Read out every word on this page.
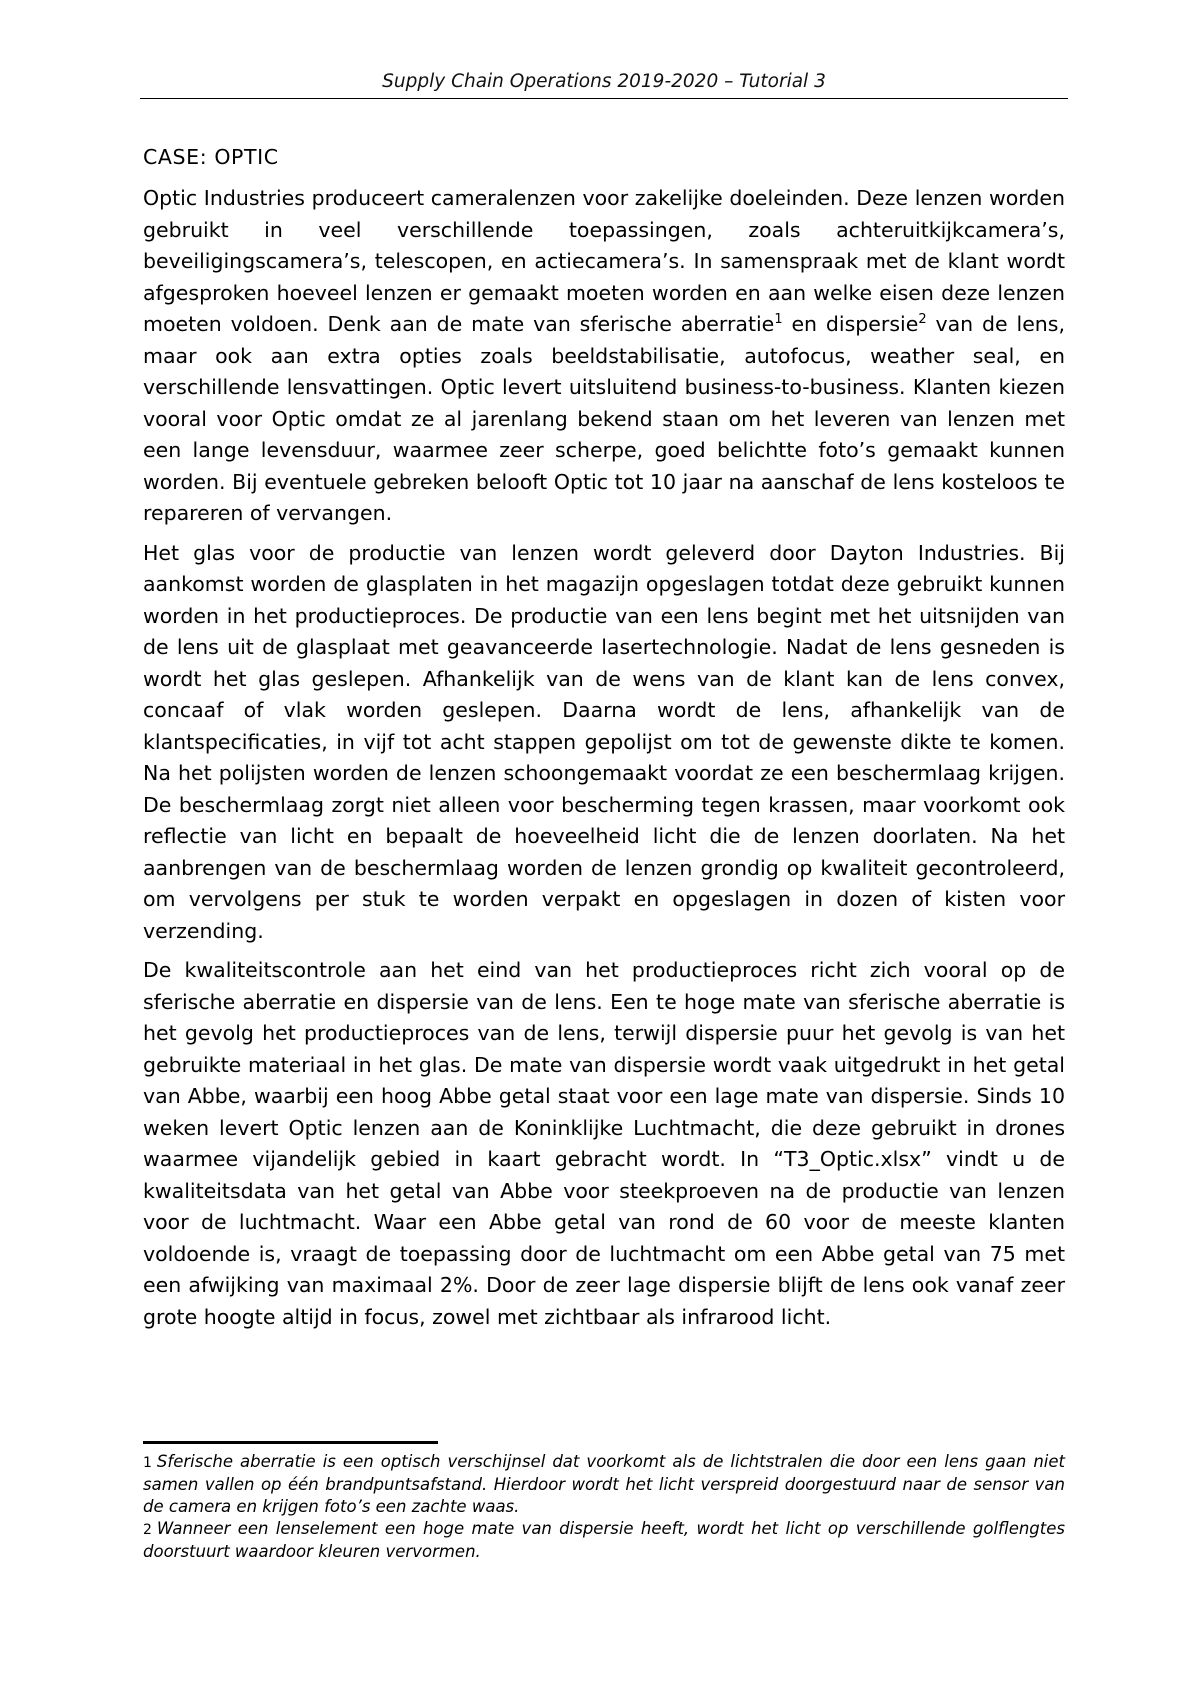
Supply Chain Operations 2019-2020 – Tutorial 3
CASE: OPTIC

Optic Industries produceert cameralenzen voor zakelijke doeleinden. Deze lenzen worden gebruikt in veel verschillende toepassingen, zoals achteruitkijkcamera’s, beveiligingscamera’s, telescopen, en actiecamera’s. In samenspraak met de klant wordt afgesproken hoeveel lenzen er gemaakt moeten worden en aan welke eisen deze lenzen moeten voldoen. Denk aan de mate van sferische aberratie$^1$ en dispersie$^2$ van de lens, maar ook aan extra opties zoals beeldstabilisatie, autofocus, weather seal, en verschillende lensvattingen. Optic levert uitsluitend business-to-business. Klanten kiezen vooral voor Optic omdat ze al jarenlang bekend staan om het leveren van lenzen met een lange levensduur, waarmee zeer scherpe, goed belichtte foto’s gemaakt kunnen worden. Bij eventuele gebreken belooft Optic tot 10 jaar na aanschaf de lens kosteloos te repareren of vervangen.

Het glas voor de productie van lenzen wordt geleverd door Dayton Industries. Bij aankomst worden de glasplaten in het magazijn opgeslagen totdat deze gebruikt kunnen worden in het productieproces. De productie van een lens begint met het uitsnijden van de lens uit de glasplaat met geavanceerde lasertechnologie. Nadat de lens gesneden is wordt het glas geslepen. Afhankelijk van de wens van de klant kan de lens convex, concaaf of vlak worden geslepen. Daarna wordt de lens, afhankelijk van de klantspecificaties, in vijf tot acht stappen gepolijst om tot de gewenste dikte te komen. Na het polijsten worden de lenzen schoongemaakt voordat ze een beschermlaag krijgen. De beschermlaag zorgt niet alleen voor bescherming tegen krassen, maar voorkomt ook reflectie van licht en bepaalt de hoeveelheid licht die de lenzen doorlaten. Na het aanbrengen van de beschermlaag worden de lenzen grondig op kwaliteit gecontroleerd, om vervolgens per stuk te worden verpakt en opgeslagen in dozen of kisten voor verzending.

De kwaliteitscontrole aan het eind van het productieproces richt zich vooral op de sferische aberratie en dispersie van de lens. Een te hoge mate van sferische aberratie is het gevolg het productieproces van de lens, terwijl dispersie puur het gevolg is van het gebruikte materiaal in het glas. De mate van dispersie wordt vaak uitgedrukt in het getal van Abbe, waarbij een hoog Abbe getal staat voor een lage mate van dispersie. Sinds 10 weken levert Optic lenzen aan de Koninklijke Luchtmacht, die deze gebruikt in drones waarmee vijandelijk gebied in kaart gebracht wordt. In “T3_Optic.xlsx” vindt u de kwaliteitsdata van het getal van Abbe voor steekproeven na de productie van lenzen voor de luchtmacht. Waar een Abbe getal van rond de 60 voor de meeste klanten voldoende is, vraagt de toepassing door de luchtmacht om een Abbe getal van 75 met een afwijking van maximaal 2%. Door de zeer lage dispersie blijft de lens ook vanaf zeer grote hoogte altijd in focus, zowel met zichtbaar als infrarood licht.

1 Sferische aberratie is een optisch verschijnsel dat voorkomt als de lichtstralen die door een lens gaan niet samen vallen op één brandpuntsafstand. Hierdoor wordt het licht verspreid doorgestuurd naar de sensor van de camera en krijgen foto’s een zachte waas.

2 Wanneer een lenselement een hoge mate van dispersie heeft, wordt het licht op verschillende golflengtes doorstuurt waardoor kleuren vervormen.
